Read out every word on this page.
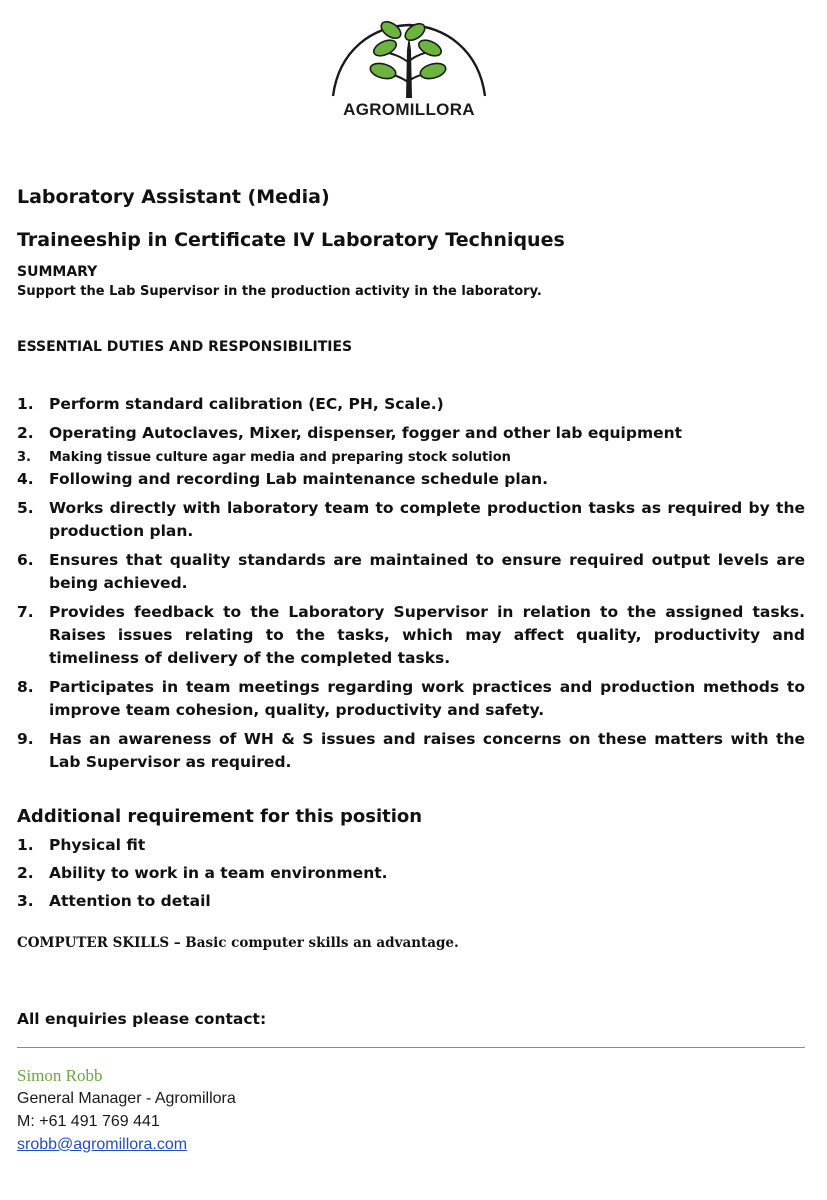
AGROMILLORA
Laboratory Assistant (Media)
Traineeship in Certificate IV Laboratory Techniques

SUMMARY

Support the Lab Supervisor in the production activity in the laboratory.

ESSENTIAL DUTIES AND RESPONSIBILITIES

1. Perform standard calibration (EC, PH, Scale.)
2. Operating Autoclaves, Mixer, dispenser, fogger and other lab equipment
3.	Making tissue culture agar media and preparing stock solution
4. Following and recording Lab maintenance schedule plan.
5. Works directly with laboratory team to complete production tasks as required by the production plan.
6. Ensures that quality standards are maintained to ensure required output levels are being achieved.
7. Provides feedback to the Laboratory Supervisor in relation to the assigned tasks. Raises issues relating to the tasks, which may affect quality, productivity and timeliness of delivery of the completed tasks.
8. Participates in team meetings regarding work practices and production methods to improve team cohesion, quality, productivity and safety.
9. Has an awareness of WH & S issues and raises concerns on these matters with the Lab Supervisor as required.
Additional requirement for this position
1. Physical fit
2. Ability to work in a team environment.
3. Attention to detail
COMPUTER SKILLS – Basic computer skills an advantage.
All enquiries please contact:
Simon Robb
General Manager - Agromillora
M: +61 491 769 441
srobb@agromillora.com
